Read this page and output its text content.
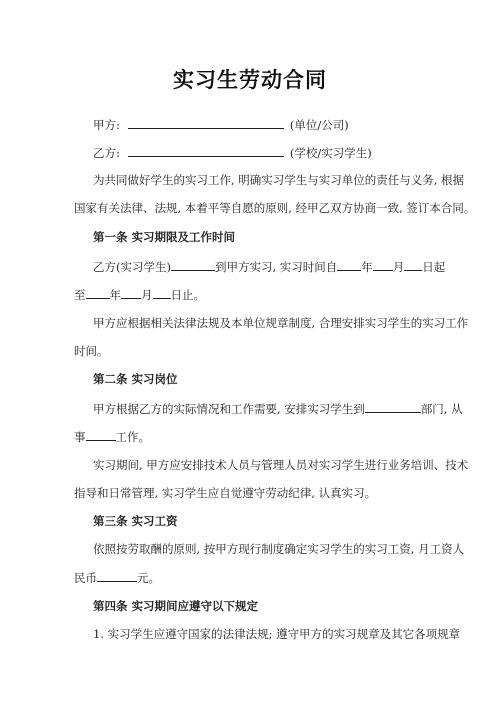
实习生劳动合同
甲方:	(单位/公司)
乙方:	(学校/实习学生)
为共同做好学生的实习工作, 明确实习学生与实习单位的责任与义务, 根据
国家有关法律、法规, 本着平等自愿的原则, 经甲乙双方协商一致, 签订本合同。
第一条 实习期限及工作时间
乙方(实习学生)	到甲方实习, 实习时间自 年 月 日起
至 年 月 日止。
甲方应根据相关法律法规及本单位规章制度, 合理安排实习学生的实习工作
时间。
第二条 实习岗位
甲方根据乙方的实际情况和工作需要, 安排实习学生到	部门, 从
事	工作。
实习期间, 甲方应安排技术人员与管理人员对实习学生进行业务培训、技术
指导和日常管理, 实习学生应自觉遵守劳动纪律, 认真实习。
第三条 实习工资
依照按劳取酬的原则, 按甲方现行制度确定实习学生的实习工资, 月工资人
民币	元。
第四条 实习期间应遵守以下规定
1. 实习学生应遵守国家的法律法规; 遵守甲方的实习规章及其它各项规章
